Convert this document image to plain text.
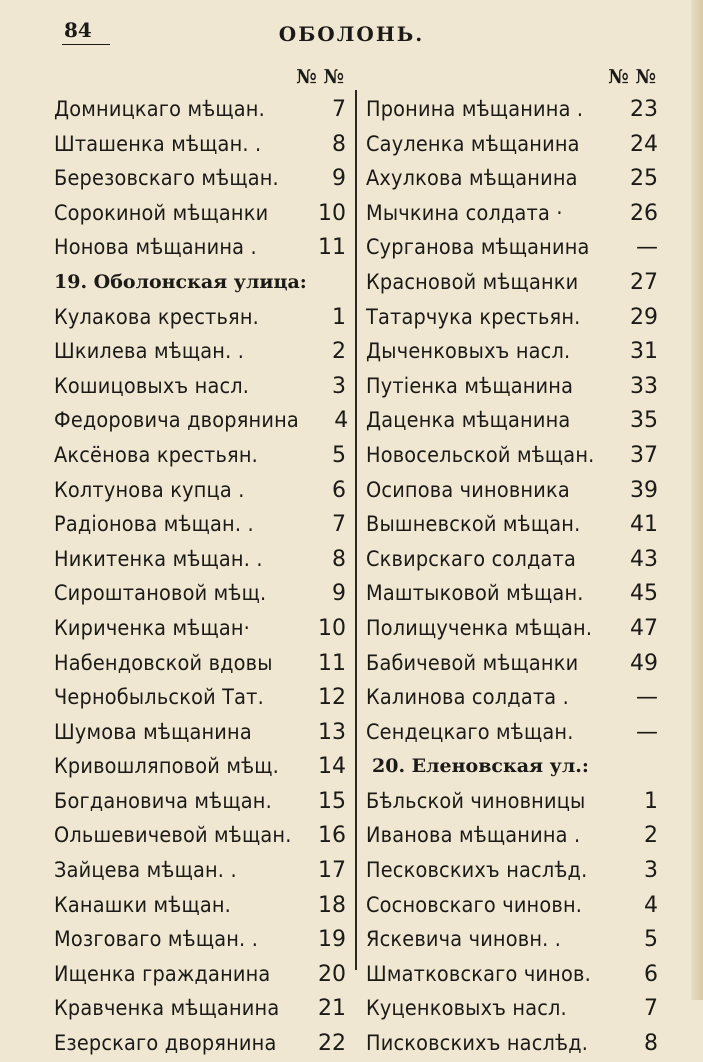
84	ОБОЛОНЬ.
№ №
Домницкаго мѣщан.	7
Шташенка мѣщан. .	8
Березовскаго мѣщан.	9
Сорокиной мѣщанки 10
Нонова мѣщанина .	11
19. Оболонская улица:
Кулакова крестьян.	1
Шкилева мѣщан. .	2
Кошицовыхъ насл.	3
Федоровича дворянина	4
Аксёнова крестьян.	5
Колтунова купца .	6
Радіонова мѣщан. .	7
Никитенка мѣщан. .	8
Сироштановой мѣщ.	9
Кириченка мѣщан·	10
Набендовской вдовы 11
Чернобыльской Тат. 12
Шумова мѣщанина	13
Кривошляповой мѣщ. 14
Богдановича мѣщан. 15
Ольшевичевой мѣщан. 16
Зайцева мѣщан. .	17
Канашки мѣщан.	18
Мозговаго мѣщан. .	19
Ищенка гражданина 20
Кравченка мѣщанина 21
Езерскаго дворянина 22
№ №
Пронина мѣщанина . 23
Сауленка мѣщанина 24
Ахулкова мѣщанина 25
Мычкина солдата ·	26
Сурганова мѣщанина —
Красновой мѣщанки 27
Татарчука крестьян. 29
Дыченковыхъ насл.	31
Путіенка мѣщанина	33
Даценка мѣщанина	35
Новосельской мѣщан. 37
Осипова чиновника	39
Вышневской мѣщан. 41
Сквирскаго солдата 43
Маштыковой мѣщан. 45
Полищученка мѣщан. 47
Бабичевой мѣщанки 49
Калинова солдата .	—
Сендецкаго мѣщан.	—
20. Еленовская ул.:
Бѣльской чиновницы	1
Иванова мѣщанина .	2
Песковскихъ наслѣд.	3
Сосновскаго чиновн.	4
Яскевича чиновн. .	5
Шматковскаго чинов.	6
Куценковыхъ насл.	7
Писковскихъ наслѣд.	8
